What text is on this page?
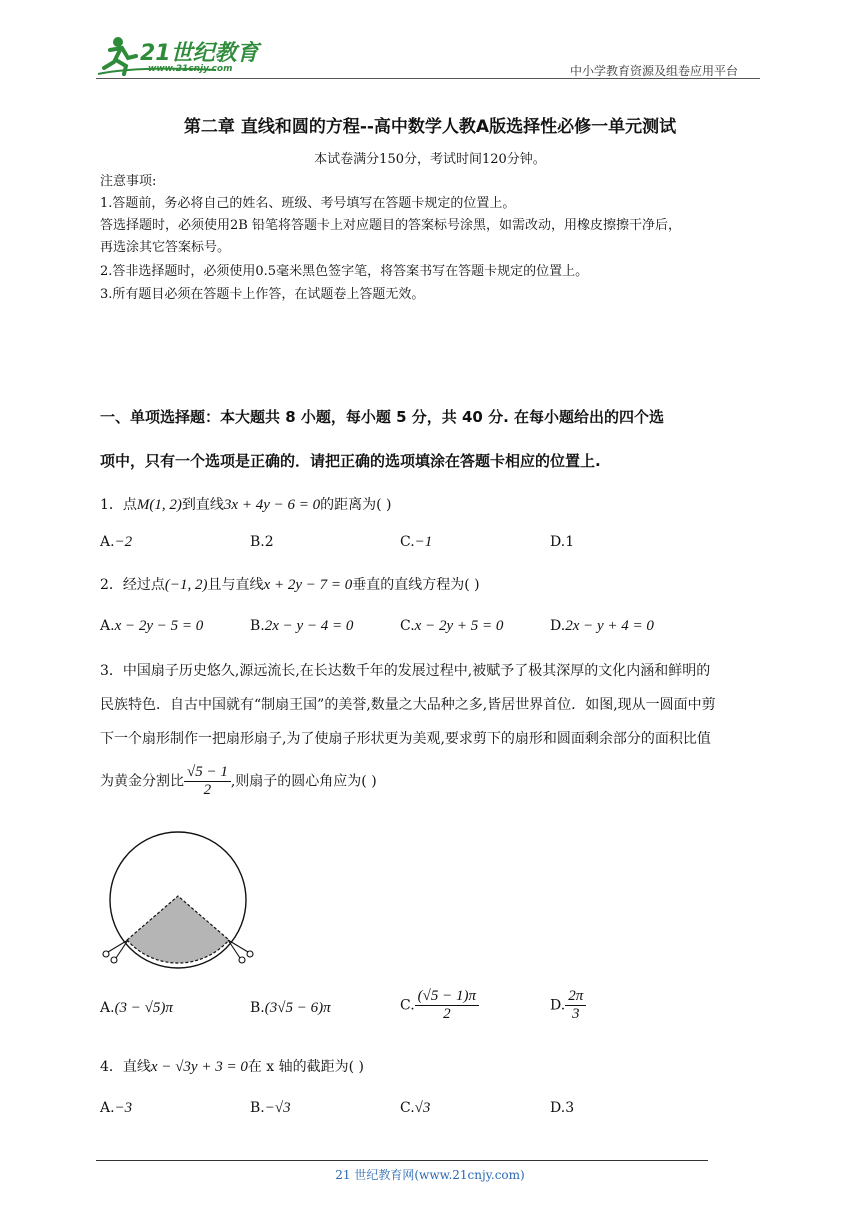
21世纪教育
www.21cnjy.com	中小学教育资源及组卷应用平台
第二章 直线和圆的方程--高中数学人教A版选择性必修一单元测试
本试卷满分150分，考试时间120分钟。
注意事项:
1.答题前，务必将自己的姓名、班级、考号填写在答题卡规定的位置上。
答选择题时，必须使用2B 铅笔将答题卡上对应题目的答案标号涂黑，如需改动，用橡皮擦擦干净后，
再选涂其它答案标号。
2.答非选择题时，必须使用0.5毫米黑色签字笔，将答案书写在答题卡规定的位置上。
3.所有题目必须在答题卡上作答，在试题卷上答题无效。
一、单项选择题：本大题共 8 小题，每小题 5 分，共 40 分. 在每小题给出的四个选
项中，只有一个选项是正确的．请把正确的选项填涂在答题卡相应的位置上.
1．点M(1, 2)到直线3x + 4y − 6 = 0的距离为( )
A.−2	B.2	C.−1	D.1
2．经过点(−1, 2)且与直线x + 2y − 7 = 0垂直的直线方程为( )
A.x − 2y − 5 = 0	B.2x − y − 4 = 0	C.x − 2y + 5 = 0	D.2x − y + 4 = 0
3．中国扇子历史悠久,源远流长,在长达数千年的发展过程中,被赋予了极其深厚的文化内涵和鲜明的
民族特色．自古中国就有“制扇王国”的美誉,数量之大品种之多,皆居世界首位．如图,现从一圆面中剪
下一个扇形制作一把扇形扇子,为了使扇子形状更为美观,要求剪下的扇形和圆面剩余部分的面积比值
为黄金分割比 $\frac{√5 - 1}{2}$ ,则扇子的圆心角应为( )
A.(3 − √5)π	B.(3√5 − 6)π	C. $\frac{(√5 - 1)\pi}{2}$	D. $\frac{2\pi}{3}$
4．直线x − √3y + 3 = 0在 x 轴的截距为( )
A.−3	B.−√3	C.√3	D.3
21 世纪教育网(www.21cnjy.com)
